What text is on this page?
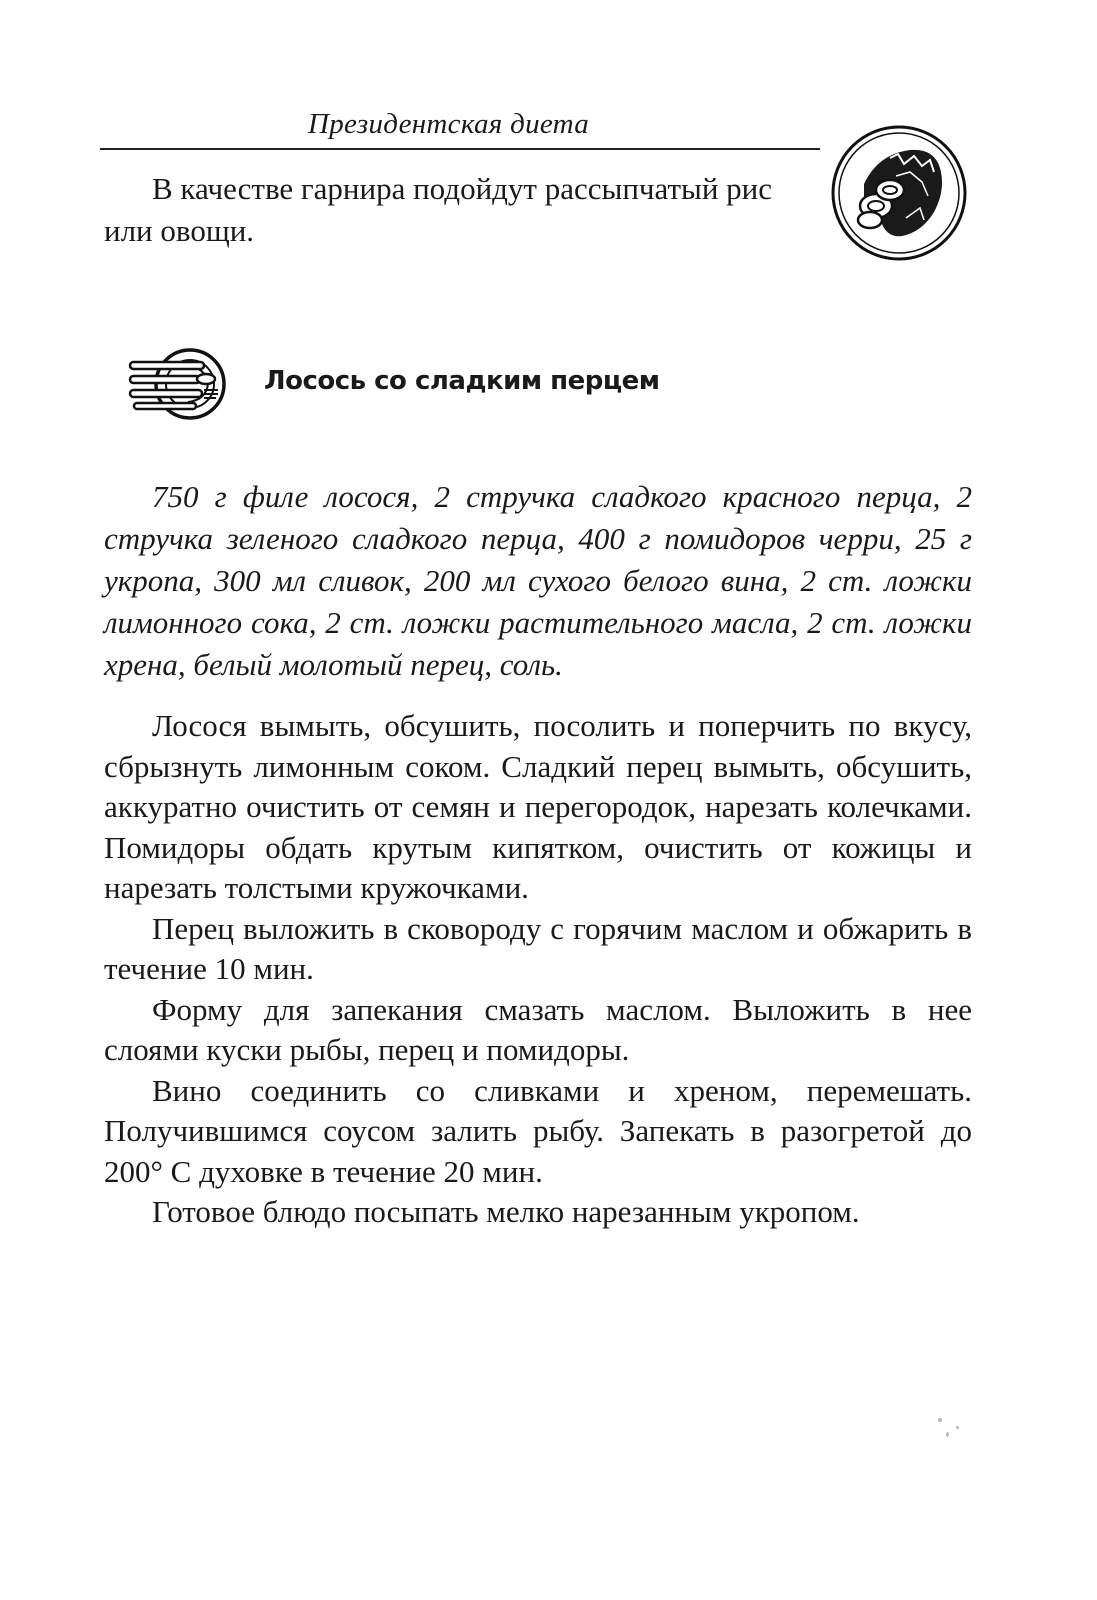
Президентская диета

В качестве гарнира подойдут рассыпчатый рис или овощи.

Лосось со сладким перцем

750 г филе лосося, 2 стручка сладкого красного перца, 2 стручка зеленого сладкого перца, 400 г помидоров черри, 25 г укропа, 300 мл сливок, 200 мл сухого белого вина, 2 ст. ложки лимонного сока, 2 ст. ложки растительного масла, 2 ст. ложки хрена, белый молотый перец, соль.

Лосося вымыть, обсушить, посолить и поперчить по вкусу, сбрызнуть лимонным соком. Сладкий перец вымыть, обсушить, аккуратно очистить от семян и перегородок, нарезать колечками. Помидоры обдать крутым кипятком, очистить от кожицы и нарезать толстыми кружочками.

Перец выложить в сковороду с горячим маслом и обжарить в течение 10 мин.

Форму для запекания смазать маслом. Выложить в нее слоями куски рыбы, перец и помидоры.

Вино соединить со сливками и хреном, перемешать. Получившимся соусом залить рыбу. Запекать в разогретой до 200° С духовке в течение 20 мин.

Готовое блюдо посыпать мелко нарезанным укропом.
